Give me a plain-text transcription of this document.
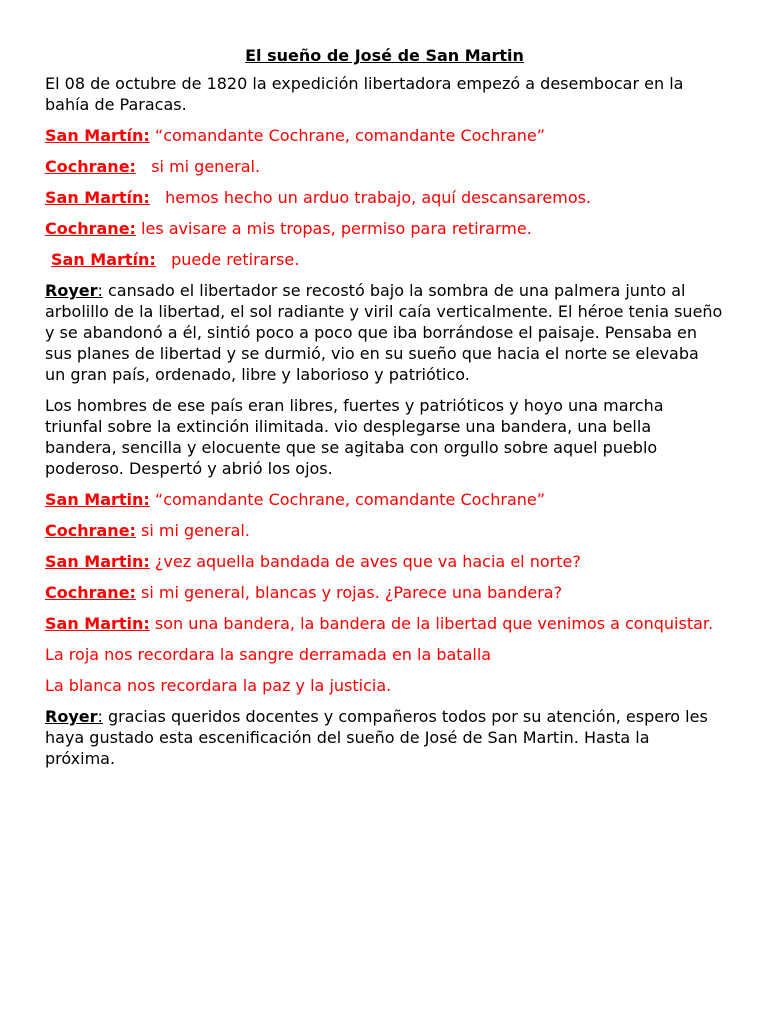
El sueño de José de San Martin

El 08 de octubre de 1820 la expedición libertadora empezó a desembocar en la bahía de Paracas.

San Martín: “comandante Cochrane, comandante Cochrane”

Cochrane:   si mi general.

San Martín:   hemos hecho un arduo trabajo, aquí descansaremos.

Cochrane: les avisare a mis tropas, permiso para retirarme.

San Martín:   puede retirarse.

Royer: cansado el libertador se recostó bajo la sombra de una palmera junto al arbolillo de la libertad, el sol radiante y viril caía verticalmente. El héroe tenia sueño y se abandonó a él, sintió poco a poco que iba borrándose el paisaje. Pensaba en sus planes de libertad y se durmió, vio en su sueño que hacia el norte se elevaba un gran país, ordenado, libre y laborioso y patriótico.

Los hombres de ese país eran libres, fuertes y patrióticos y hoyo una marcha triunfal sobre la extinción ilimitada. vio desplegarse una bandera, una bella bandera, sencilla y elocuente que se agitaba con orgullo sobre aquel pueblo poderoso. Despertó y abrió los ojos.

San Martin: “comandante Cochrane, comandante Cochrane”

Cochrane: si mi general.

San Martin: ¿vez aquella bandada de aves que va hacia el norte?

Cochrane: si mi general, blancas y rojas. ¿Parece una bandera?

San Martin: son una bandera, la bandera de la libertad que venimos a conquistar.

La roja nos recordara la sangre derramada en la batalla

La blanca nos recordara la paz y la justicia.

Royer: gracias queridos docentes y compañeros todos por su atención, espero les haya gustado esta escenificación del sueño de José de San Martin. Hasta la próxima.
